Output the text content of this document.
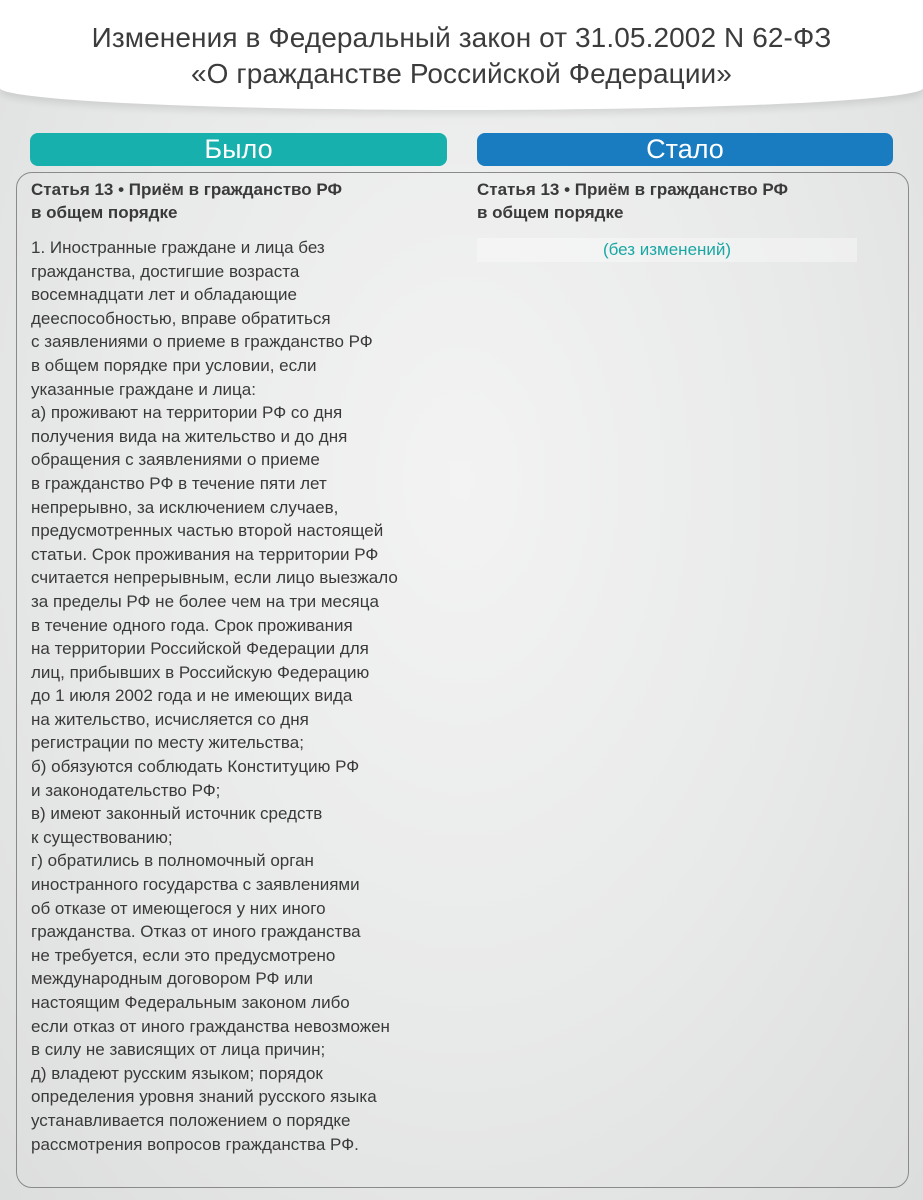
Изменения в Федеральный закон от 31.05.2002 N 62-ФЗ
«О гражданстве Российской Федерации»
Было	Стало
Статья 13 • Приём в гражданство РФ
в общем порядке
1. Иностранные граждане и лица без
гражданства, достигшие возраста
восемнадцати лет и обладающие
дееспособностью, вправе обратиться
с заявлениями о приеме в гражданство РФ
в общем порядке при условии, если
указанные граждане и лица:
а) проживают на территории РФ со дня
получения вида на жительство и до дня
обращения с заявлениями о приеме
в гражданство РФ в течение пяти лет
непрерывно, за исключением случаев,
предусмотренных частью второй настоящей
статьи. Срок проживания на территории РФ
считается непрерывным, если лицо выезжало
за пределы РФ не более чем на три месяца
в течение одного года. Срок проживания
на территории Российской Федерации для
лиц, прибывших в Российскую Федерацию
до 1 июля 2002 года и не имеющих вида
на жительство, исчисляется со дня
регистрации по месту жительства;
б) обязуются соблюдать Конституцию РФ
и законодательство РФ;
в) имеют законный источник средств
к существованию;
г) обратились в полномочный орган
иностранного государства с заявлениями
об отказе от имеющегося у них иного
гражданства. Отказ от иного гражданства
не требуется, если это предусмотрено
международным договором РФ или
настоящим Федеральным законом либо
если отказ от иного гражданства невозможен
в силу не зависящих от лица причин;
д) владеют русским языком; порядок
определения уровня знаний русского языка
устанавливается положением о порядке
рассмотрения вопросов гражданства РФ.
Статья 13 • Приём в гражданство РФ
в общем порядке
(без изменений)
